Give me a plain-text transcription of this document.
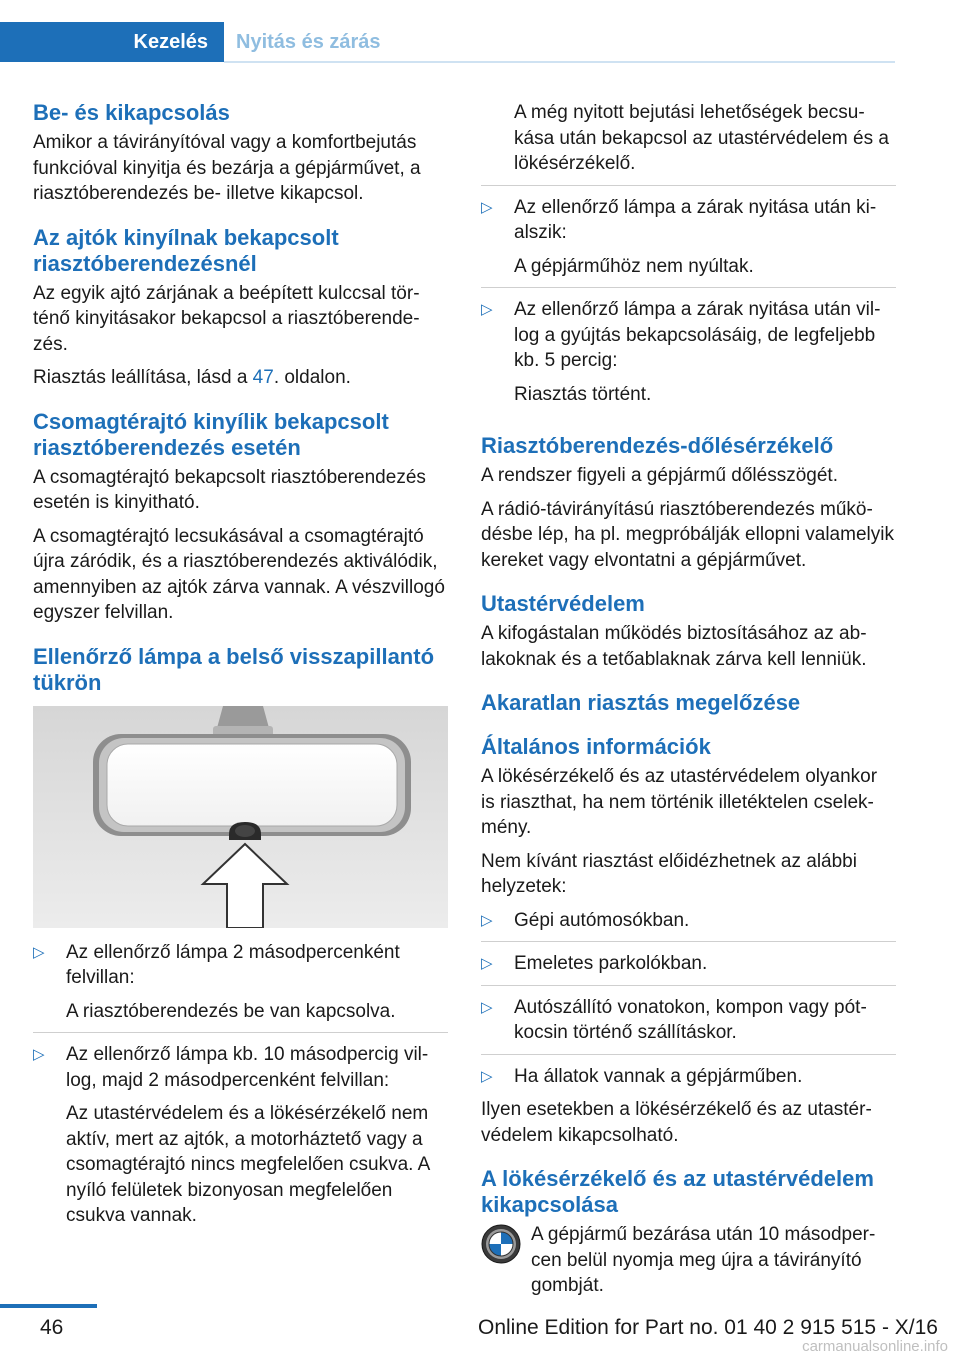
Kezelés	Nyitás és zárás
Be- és kikapcsolás

Amikor a távirányítóval vagy a komfortbejutás funkcióval kinyitja és bezárja a gépjárművet, a riasztóberendezés be- illetve kikapcsol.

Az ajtók kinyílnak bekapcsolt riasztóberendezésnél

Az egyik ajtó zárjának a beépített kulccsal történő kinyitásakor bekapcsol a riasztóberendezés.

Riasztás leállítása, lásd a 47. oldalon.

Csomagtérajtó kinyílik bekapcsolt riasztóberendezés esetén

A csomagtérajtó bekapcsolt riasztóberendezés esetén is kinyitható.

A csomagtérajtó lecsukásával a csomagtérajtó újra záródik, és a riasztóberendezés aktiválódik, amennyiben az ajtók zárva vannak. A vészvillogó egyszer felvillan.

Ellenőrző lámpa a belső visszapillantó tükrön
▷ Az ellenőrző lámpa 2 másodpercenként felvillan:
A riasztóberendezés be van kapcsolva.
▷ Az ellenőrző lámpa kb. 10 másodpercig villog, majd 2 másodpercenként felvillan:
Az utastérvédelem és a lökésérzékelő nem aktív, mert az ajtók, a motorháztető vagy a csomagtérajtó nincs megfelelően csukva. A nyíló felületek bizonyosan megfelelően csukva vannak.
A még nyitott bejutási lehetőségek becsukása után bekapcsol az utastérvédelem és a lökésérzékelő.
▷ Az ellenőrző lámpa a zárak nyitása után kialszik:
A gépjárműhöz nem nyúltak.
▷ Az ellenőrző lámpa a zárak nyitása után villog a gyújtás bekapcsolásáig, de legfeljebb kb. 5 percig:
Riasztás történt.
Riasztóberendezés-dőlésérzékelő

A rendszer figyeli a gépjármű dőlésszögét.

A rádió-távirányítású riasztóberendezés működésbe lép, ha pl. megpróbálják ellopni valamelyik kereket vagy elvontatni a gépjárművet.

Utastérvédelem

A kifogástalan működés biztosításához az ablakoknak és a tetőablaknak zárva kell lenniük.

Akaratlan riasztás megelőzése
Általános információk

A lökésérzékelő és az utastérvédelem olyankor is riaszthat, ha nem történik illetéktelen cselekmény.

Nem kívánt riasztást előidézhetnek az alábbi helyzetek:

▷ Gépi autómosókban.
▷ Emeletes parkolókban.
▷ Autószállító vonatokon, kompon vagy pótkocsin történő szállításkor.
▷ Ha állatok vannak a gépjárműben.

Ilyen esetekben a lökésérzékelő és az utastérvédelem kikapcsolható.

A lökésérzékelő és az utastérvédelem kikapcsolása

A gépjármű bezárása után 10 másodpercen belül nyomja meg újra a távirányító gombját.

46	Online Edition for Part no. 01 40 2 915 515 - X/16
carmanualsonline.info
